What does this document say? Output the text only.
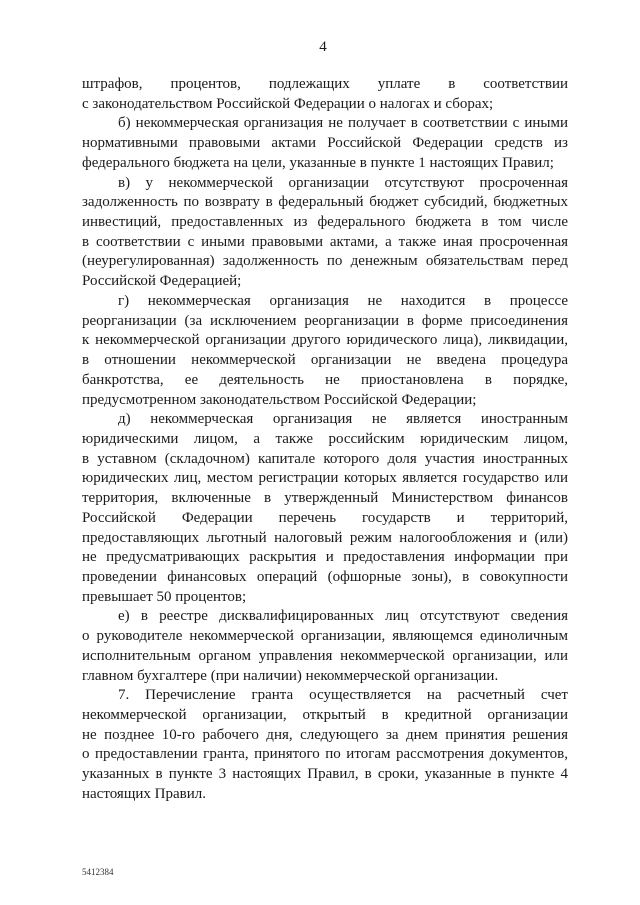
4
штрафов, процентов, подлежащих уплате в соответствии
с законодательством Российской Федерации о налогах и сборах;
б) некоммерческая организация не получает в соответствии с иными
нормативными правовыми актами Российской Федерации средств из
федерального бюджета на цели, указанные в пункте 1 настоящих Правил;
в) у некоммерческой организации отсутствуют просроченная
задолженность по возврату в федеральный бюджет субсидий, бюджетных
инвестиций, предоставленных из федерального бюджета в том числе
в соответствии с иными правовыми актами, а также иная просроченная
(неурегулированная) задолженность по денежным обязательствам перед
Российской Федерацией;
г) некоммерческая организация не находится в процессе
реорганизации (за исключением реорганизации в форме присоединения
к некоммерческой организации другого юридического лица), ликвидации,
в отношении некоммерческой организации не введена процедура
банкротства, ее деятельность не приостановлена в порядке,
предусмотренном законодательством Российской Федерации;
д) некоммерческая организация не является иностранным
юридическими лицом, а также российским юридическим лицом,
в уставном (складочном) капитале которого доля участия иностранных
юридических лиц, местом регистрации которых является государство или
территория, включенные в утвержденный Министерством финансов
Российской Федерации перечень государств и территорий,
предоставляющих льготный налоговый режим налогообложения и (или)
не предусматривающих раскрытия и предоставления информации при
проведении финансовых операций (офшорные зоны), в совокупности
превышает 50 процентов;
е) в реестре дисквалифицированных лиц отсутствуют сведения
о руководителе некоммерческой организации, являющемся единоличным
исполнительным органом управления некоммерческой организации, или
главном бухгалтере (при наличии) некоммерческой организации.
7. Перечисление гранта осуществляется на расчетный счет
некоммерческой организации, открытый в кредитной организации
не позднее 10-го рабочего дня, следующего за днем принятия решения
о предоставлении гранта, принятого по итогам рассмотрения документов,
указанных в пункте 3 настоящих Правил, в сроки, указанные в пункте 4
настоящих Правил.
5412384
